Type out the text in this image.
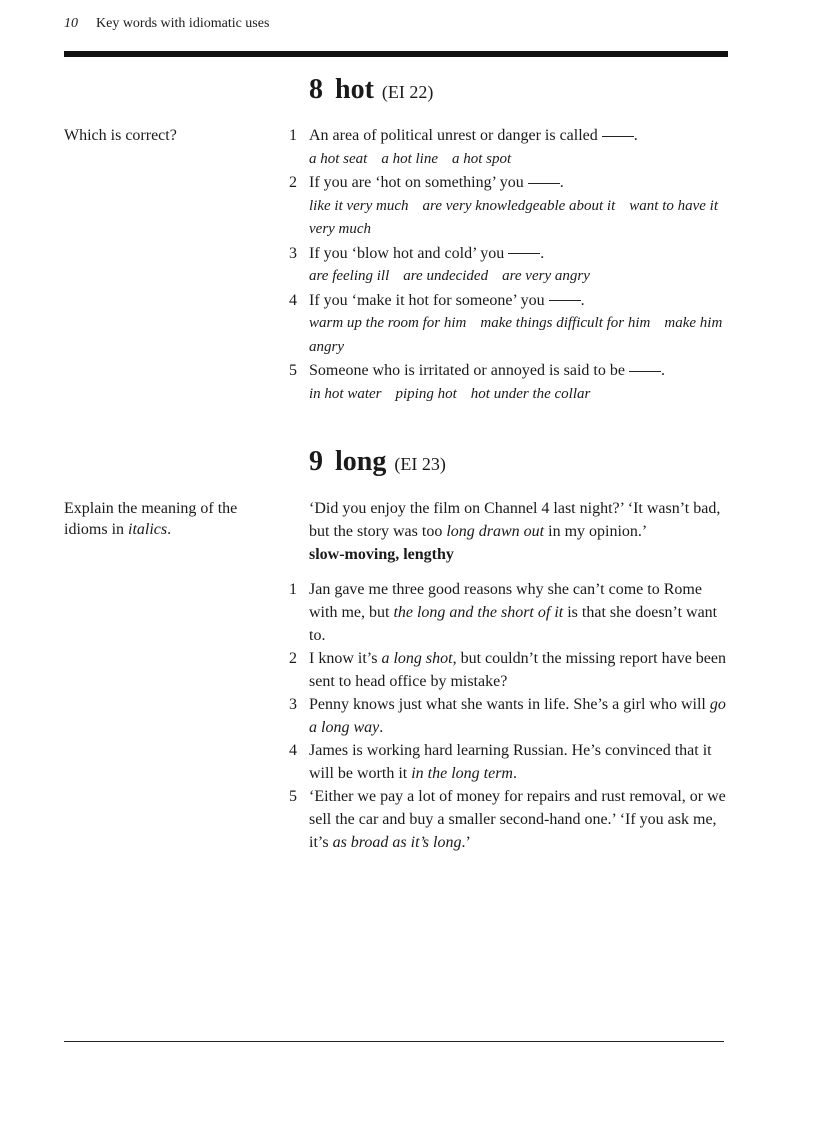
10 Key words with idiomatic uses
8 hot (EI 22)
Which is correct?	1 An area of political unrest or danger is called .
a hot seat a hot line a hot spot
2 If you are ‘hot on something’ you .
like it very much are very knowledgeable about it want to have it very much
3 If you ‘blow hot and cold’ you .
are feeling ill are undecided are very angry
4 If you ‘make it hot for someone’ you .
warm up the room for him make things difficult for him make him angry
5 Someone who is irritated or annoyed is said to be .
in hot water piping hot hot under the collar
9 long (EI 23)
Explain the meaning of the idioms in italics.
‘Did you enjoy the film on Channel 4 last night?’ ‘It wasn’t bad, but the story was too long drawn out in my opinion.’
slow-moving, lengthy
1 Jan gave me three good reasons why she can’t come to Rome with me, but the long and the short of it is that she doesn’t want to.
2 I know it’s a long shot, but couldn’t the missing report have been sent to head office by mistake?
3 Penny knows just what she wants in life. She’s a girl who will go a long way.
4 James is working hard learning Russian. He’s convinced that it will be worth it in the long term.
5 ‘Either we pay a lot of money for repairs and rust removal, or we sell the car and buy a smaller second-hand one.’ ‘If you ask me, it’s as broad as it’s long.’
